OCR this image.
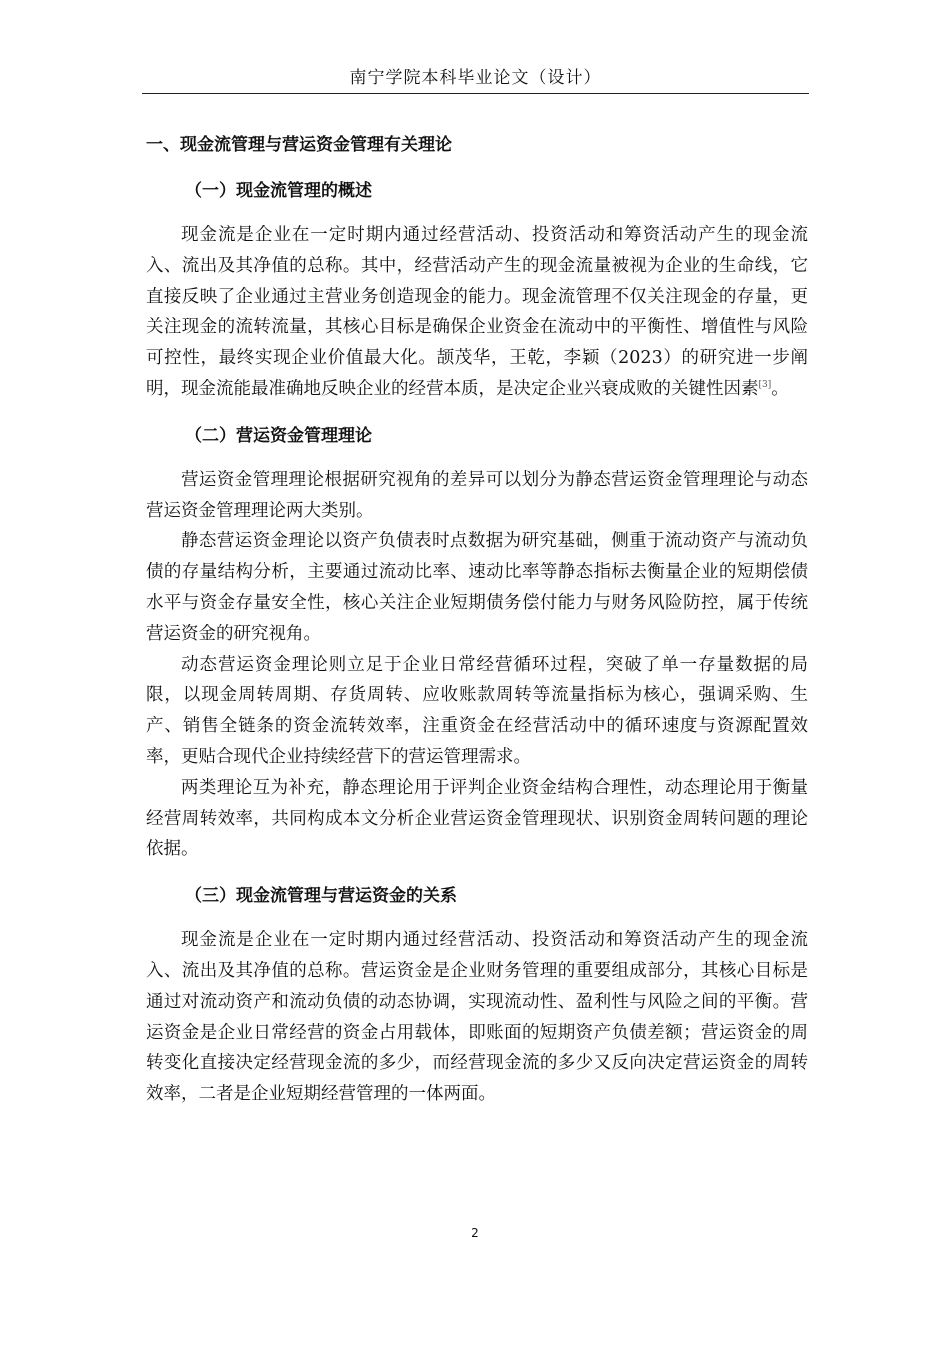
南宁学院本科毕业论文（设计）
一、现金流管理与营运资金管理有关理论
（一）现金流管理的概述

现金流是企业在一定时期内通过经营活动、投资活动和筹资活动产生的现金流入、流出及其净值的总称。其中，经营活动产生的现金流量被视为企业的生命线，它直接反映了企业通过主营业务创造现金的能力。现金流管理不仅关注现金的存量，更关注现金的流转流量，其核心目标是确保企业资金在流动中的平衡性、增值性与风险可控性，最终实现企业价值最大化。颉茂华，王乾，李颖（2023）的研究进一步阐明，现金流能最准确地反映企业的经营本质，是决定企业兴衰成败的关键性因素[3]。

（二）营运资金管理理论

营运资金管理理论根据研究视角的差异可以划分为静态营运资金管理理论与动态营运资金管理理论两大类别。

静态营运资金理论以资产负债表时点数据为研究基础，侧重于流动资产与流动负债的存量结构分析，主要通过流动比率、速动比率等静态指标去衡量企业的短期偿债水平与资金存量安全性，核心关注企业短期债务偿付能力与财务风险防控，属于传统营运资金的研究视角。

动态营运资金理论则立足于企业日常经营循环过程，突破了单一存量数据的局限，以现金周转周期、存货周转、应收账款周转等流量指标为核心，强调采购、生产、销售全链条的资金流转效率，注重资金在经营活动中的循环速度与资源配置效率，更贴合现代企业持续经营下的营运管理需求。

两类理论互为补充，静态理论用于评判企业资金结构合理性，动态理论用于衡量经营周转效率，共同构成本文分析企业营运资金管理现状、识别资金周转问题的理论依据。

（三）现金流管理与营运资金的关系

现金流是企业在一定时期内通过经营活动、投资活动和筹资活动产生的现金流入、流出及其净值的总称。营运资金是企业财务管理的重要组成部分，其核心目标是通过对流动资产和流动负债的动态协调，实现流动性、盈利性与风险之间的平衡。营运资金是企业日常经营的资金占用载体，即账面的短期资产负债差额；营运资金的周转变化直接决定经营现金流的多少，而经营现金流的多少又反向决定营运资金的周转效率，二者是企业短期经营管理的一体两面。

2
